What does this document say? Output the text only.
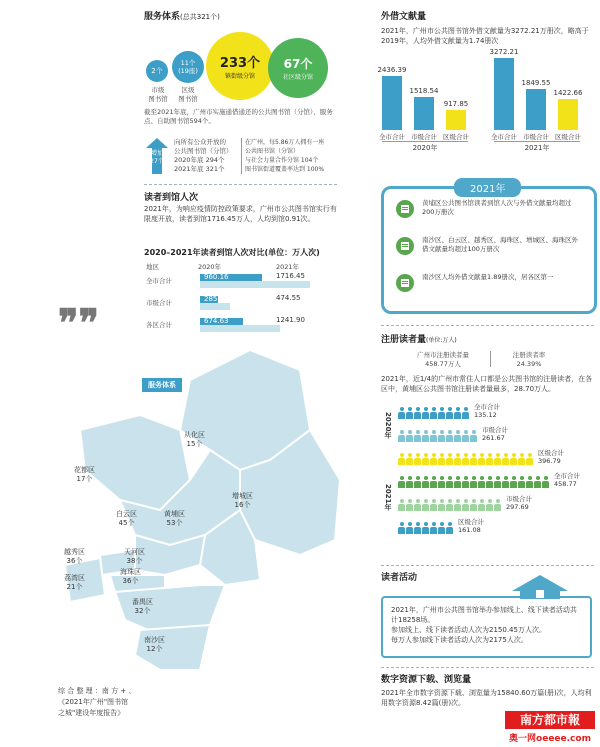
服务体系(总共321个)
2个
市级
图书馆
11个
(19座)
区级
图书馆
233个
镇街级分馆
67个
社区级分馆
截至2021年底，广州市实施通借通还的公共图书馆（分馆）、服务点、自助图书馆594个。
增加
27个
向所有公众开放的
公共图书馆（分馆）
2020年底 294个
2021年底 321个
在广州，每5.86万人拥有一座
公共图书馆（分馆）
与社会力量合作分馆 104个
图书馆街道覆盖率达到 100%
读者到馆人次
2021年，为响应疫情防控政策要求，广州市公共图书馆实行有限度开放，读者到馆1716.45万人，人均到馆0.91次。
2020–2021年读者到馆人次对比(单位：万人次)
地区	2020年	2021年
全市合计	960.16	1716.45
市级合计	285.53	474.55
各区合计	674.63	1241.90
❞❞
服务体系
从化区
15个
花都区
17个
增城区
16个
白云区
45个
黄埔区
53个
越秀区
36个
天河区
38个
海珠区
36个
荔湾区
21个
番禺区
32个
南沙区
12个
综 合 整 理 ：南 方 + 、
《2021年广州"图书馆
之城"建设年度报告》
外借文献量
2021年，广州市公共图书馆外借文献量为3272.21万册次，略高于2019年，人均外借文献量为1.74册次
2436.39
全市合计
1518.54
市级合计
917.85
区级合计
2020年
3272.21
全市合计
1849.55
市级合计
1422.66
区级合计
2021年
2021年
黄埔区公共图书馆读者到馆人次与外借文献量均超过200万册次
南沙区、白云区、越秀区、海珠区、增城区、海珠区外借文献量均超过100万册次
南沙区人均外借文献量1.89册次，居各区第一
注册读者量(单位:万人)
广州市注册读者量
458.77万人
注册读者率
24.39%
2021年，近1/4的广州市常住人口都是公共图书馆的注册读者，在各区中，黄埔区公共图书馆注册读者量最多，28.70万人。
2020年
2021年
全市合计
135.12
市级合计
261.67
区级合计
396.79
全市合计
458.77
市级合计
297.69
区级合计
161.08
读者活动
2021年，广州市公共图书馆举办参加线上、线下读者活动共计18258场。
参加线上、线下读者活动人次为2150.45万人次。
每万人参加线下读者活动人次为2175人次。
数字资源下载、浏览量
2021年全市数字资源下载、浏览量为15840.60万篇(册)次，人均利用数字资源8.42篇(册)次。
南方都市報
奥一网oeeee.com
